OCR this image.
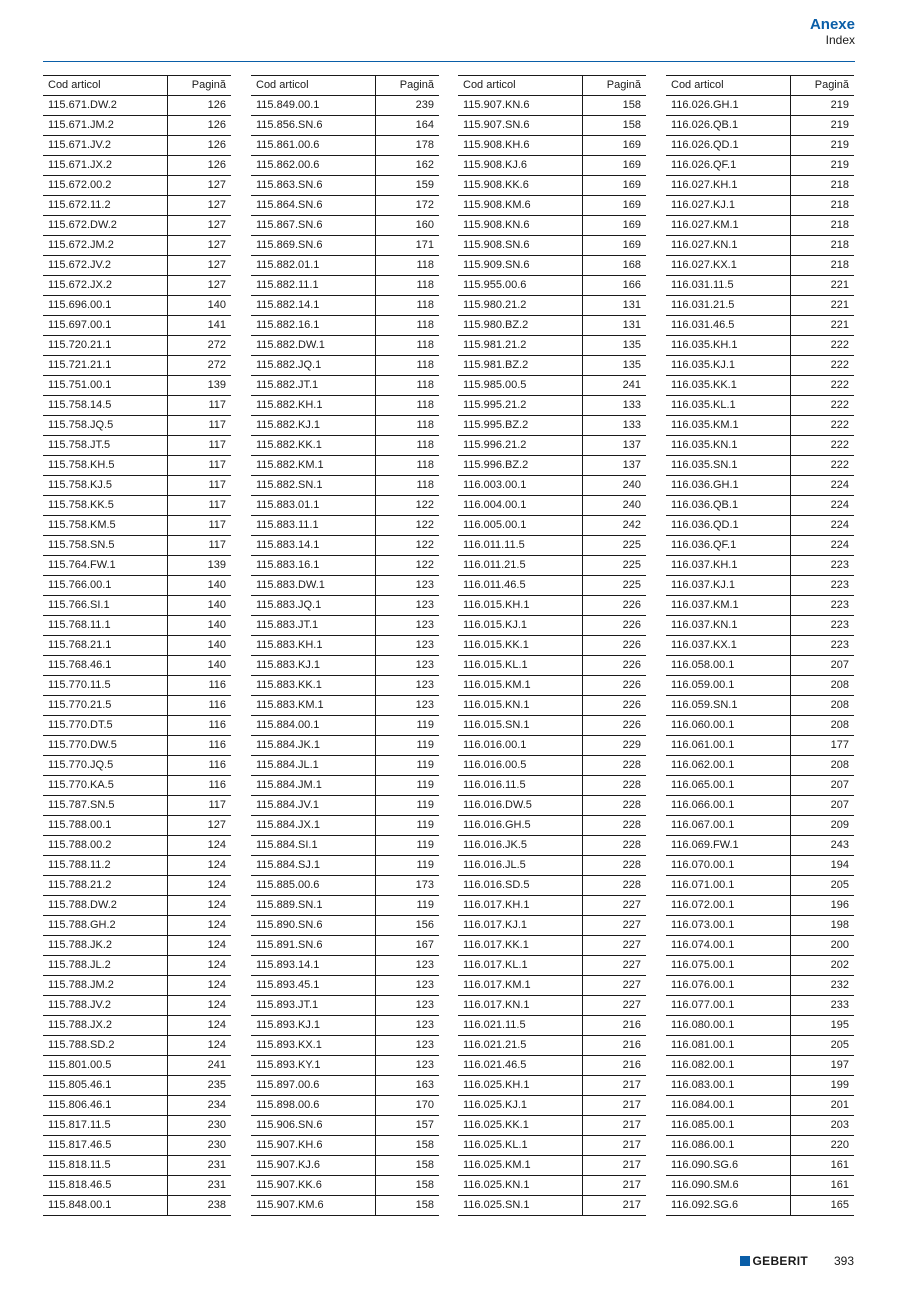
Anexe
Index
Cod articol	Pagină
115.671.DW.2	126
115.671.JM.2	126
115.671.JV.2	126
115.671.JX.2	126
115.672.00.2	127
115.672.11.2	127
115.672.DW.2	127
115.672.JM.2	127
115.672.JV.2	127
115.672.JX.2	127
115.696.00.1	140
115.697.00.1	141
115.720.21.1	272
115.721.21.1	272
115.751.00.1	139
115.758.14.5	117
115.758.JQ.5	117
115.758.JT.5	117
115.758.KH.5	117
115.758.KJ.5	117
115.758.KK.5	117
115.758.KM.5	117
115.758.SN.5	117
115.764.FW.1	139
115.766.00.1	140
115.766.SI.1	140
115.768.11.1	140
115.768.21.1	140
115.768.46.1	140
115.770.11.5	116
115.770.21.5	116
115.770.DT.5	116
115.770.DW.5	116
115.770.JQ.5	116
115.770.KA.5	116
115.787.SN.5	117
115.788.00.1	127
115.788.00.2	124
115.788.11.2	124
115.788.21.2	124
115.788.DW.2	124
115.788.GH.2	124
115.788.JK.2	124
115.788.JL.2	124
115.788.JM.2	124
115.788.JV.2	124
115.788.JX.2	124
115.788.SD.2	124
115.801.00.5	241
115.805.46.1	235
115.806.46.1	234
115.817.11.5	230
115.817.46.5	230
115.818.11.5	231
115.818.46.5	231
115.848.00.1	238
Cod articol	Pagină
115.849.00.1	239
115.856.SN.6	164
115.861.00.6	178
115.862.00.6	162
115.863.SN.6	159
115.864.SN.6	172
115.867.SN.6	160
115.869.SN.6	171
115.882.01.1	118
115.882.11.1	118
115.882.14.1	118
115.882.16.1	118
115.882.DW.1	118
115.882.JQ.1	118
115.882.JT.1	118
115.882.KH.1	118
115.882.KJ.1	118
115.882.KK.1	118
115.882.KM.1	118
115.882.SN.1	118
115.883.01.1	122
115.883.11.1	122
115.883.14.1	122
115.883.16.1	122
115.883.DW.1	123
115.883.JQ.1	123
115.883.JT.1	123
115.883.KH.1	123
115.883.KJ.1	123
115.883.KK.1	123
115.883.KM.1	123
115.884.00.1	119
115.884.JK.1	119
115.884.JL.1	119
115.884.JM.1	119
115.884.JV.1	119
115.884.JX.1	119
115.884.SI.1	119
115.884.SJ.1	119
115.885.00.6	173
115.889.SN.1	119
115.890.SN.6	156
115.891.SN.6	167
115.893.14.1	123
115.893.45.1	123
115.893.JT.1	123
115.893.KJ.1	123
115.893.KX.1	123
115.893.KY.1	123
115.897.00.6	163
115.898.00.6	170
115.906.SN.6	157
115.907.KH.6	158
115.907.KJ.6	158
115.907.KK.6	158
115.907.KM.6	158
Cod articol	Pagină
115.907.KN.6	158
115.907.SN.6	158
115.908.KH.6	169
115.908.KJ.6	169
115.908.KK.6	169
115.908.KM.6	169
115.908.KN.6	169
115.908.SN.6	169
115.909.SN.6	168
115.955.00.6	166
115.980.21.2	131
115.980.BZ.2	131
115.981.21.2	135
115.981.BZ.2	135
115.985.00.5	241
115.995.21.2	133
115.995.BZ.2	133
115.996.21.2	137
115.996.BZ.2	137
116.003.00.1	240
116.004.00.1	240
116.005.00.1	242
116.011.11.5	225
116.011.21.5	225
116.011.46.5	225
116.015.KH.1	226
116.015.KJ.1	226
116.015.KK.1	226
116.015.KL.1	226
116.015.KM.1	226
116.015.KN.1	226
116.015.SN.1	226
116.016.00.1	229
116.016.00.5	228
116.016.11.5	228
116.016.DW.5	228
116.016.GH.5	228
116.016.JK.5	228
116.016.JL.5	228
116.016.SD.5	228
116.017.KH.1	227
116.017.KJ.1	227
116.017.KK.1	227
116.017.KL.1	227
116.017.KM.1	227
116.017.KN.1	227
116.021.11.5	216
116.021.21.5	216
116.021.46.5	216
116.025.KH.1	217
116.025.KJ.1	217
116.025.KK.1	217
116.025.KL.1	217
116.025.KM.1	217
116.025.KN.1	217
116.025.SN.1	217
Cod articol	Pagină
116.026.GH.1	219
116.026.QB.1	219
116.026.QD.1	219
116.026.QF.1	219
116.027.KH.1	218
116.027.KJ.1	218
116.027.KM.1	218
116.027.KN.1	218
116.027.KX.1	218
116.031.11.5	221
116.031.21.5	221
116.031.46.5	221
116.035.KH.1	222
116.035.KJ.1	222
116.035.KK.1	222
116.035.KL.1	222
116.035.KM.1	222
116.035.KN.1	222
116.035.SN.1	222
116.036.GH.1	224
116.036.QB.1	224
116.036.QD.1	224
116.036.QF.1	224
116.037.KH.1	223
116.037.KJ.1	223
116.037.KM.1	223
116.037.KN.1	223
116.037.KX.1	223
116.058.00.1	207
116.059.00.1	208
116.059.SN.1	208
116.060.00.1	208
116.061.00.1	177
116.062.00.1	208
116.065.00.1	207
116.066.00.1	207
116.067.00.1	209
116.069.FW.1	243
116.070.00.1	194
116.071.00.1	205
116.072.00.1	196
116.073.00.1	198
116.074.00.1	200
116.075.00.1	202
116.076.00.1	232
116.077.00.1	233
116.080.00.1	195
116.081.00.1	205
116.082.00.1	197
116.083.00.1	199
116.084.00.1	201
116.085.00.1	203
116.086.00.1	220
116.090.SG.6	161
116.090.SM.6	161
116.092.SG.6	165
GEBERIT 393
